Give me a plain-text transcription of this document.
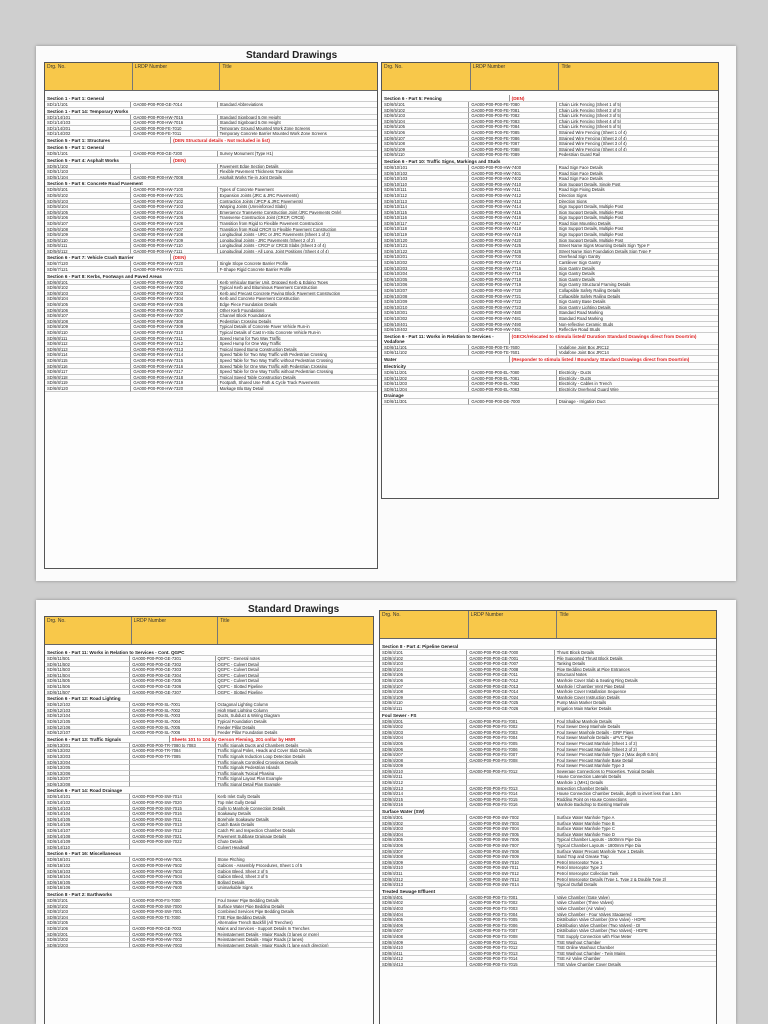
Standard Drawings
Drg. No.	LRDP Number	Title
Section 1 - Part 1: General
SD/1/1/101	GA000-P00-P00-GE-7014	Standard Abbreviations
Section 1 - Part 14: Temporary Works
SD/1/14/101	GA000-P00-P00-HW-7015	Standard Signboard 5.0m Height
SD/1/14/103	GA000-P00-P00-HW-7016	Standard Signboard 5.0m Height
SD/1/14/201	GA000-P00-P00-FE-7010	Temporary Ground Mounted Work Zone Screens
SD/1/14/202	GA000-P00-P00-FE-7011	Temporary Concrete Barrier Mounted Work Zone Screens
Section 5 - Part 1: Structures	(DEN Structural details - Not Included in list)
Section 5 - Part 1: General
SD/5/1/101	GA000-P00-P00-GE-7200	Survey Monument (Type H1)
Section 5 - Part 4: Asphalt Works	(DEN)
SD/5/1/102	Pavement Edge Section Details
SD/5/1/103	Flexible Pavement Thickness Transition
SD/5/1/104	GA000-P00-P00-HW-7008	Asphalt Works Tie-in Joint Details
Section 5 - Part 6: Concrete Road Pavement
SD/5/6/101	GA000-P00-P00-HW-7100	Types of Concrete Pavement
SD/5/6/102	GA000-P00-P00-HW-7101	Expansion Joints (JRC & JRC Pavements)
SD/5/6/103	GA000-P00-P00-HW-7102	Contraction Joints (JPCP & JRC Pavements)
SD/5/6/104	GA000-P00-P00-HW-7103	Warping Joints (Unreinforced Slabs)
SD/5/6/105	GA000-P00-P00-HW-7104	Emergency Transverse Construction Joint (JRC Pavements Only)
SD/5/6/106	GA000-P00-P00-HW-7105	Transverse Construction Joint (CRCP, CRCB)
SD/5/6/107	GA000-P00-P00-HW-7106	Transition from Rigid to Flexible Pavement Construction
SD/5/6/108	GA000-P00-P00-HW-7107	Transition from Rigid CRCR to Flexible Pavement Construction
SD/5/6/109	GA000-P00-P00-HW-7108	Longitudinal Joints - URC or JRC Pavements (Sheet 1 of 2)
SD/5/6/110	GA000-P00-P00-HW-7109	Longitudinal Joints - JRC Pavements (Sheet 2 of 2)
SD/5/6/111	GA000-P00-P00-HW-7110	Longitudinal Joints - CRCP or CRCB Slabs (Sheet 3 of 4)
SD/5/6/112	GA000-P00-P00-HW-7111	Longitudinal Joints - All Long. Joint Positions (Sheet 4 of 4)
Section 6 - Part 7: Vehicle Crash Barrier	(DEN)
SD/6/7/120	GA000-P00-P00-HW-7220	Single Slope Concrete Barrier Profile
SD/6/7/121	GA000-P00-P00-HW-7221	F-Shape Rigid Concrete Barrier Profile
Section 6 - Part 8: Kerbs, Footways and Paved Areas
SD/6/8/101	GA000-P00-P00-HW-7300	Kerb Vehicular Barrier Unit, Dropped Kerb & Edging Types
SD/6/8/102	GA000-P00-P00-HW-7302	Typical Kerb and Bituminous Pavement Construction
SD/6/8/103	GA000-P00-P00-HW-7303	Kerb and Precast Concrete Paving Block Pavement Construction
SD/6/8/104	GA000-P00-P00-HW-7304	Kerb and Concrete Pavement Construction
SD/6/8/105	GA000-P00-P00-HW-7305	Edge Piece Foundation Details
SD/6/8/106	GA000-P00-P00-HW-7306	Other Kerb Foundations
SD/6/8/107	GA000-P00-P00-HW-7307	Channel Block Foundations
SD/6/8/108	GA000-P00-P00-HW-7308	Pedestrian Crossing Details
SD/6/8/109	GA000-P00-P00-HW-7309	Typical Details of Concrete Paver Vehicle Run-in
SD/6/8/110	GA000-P00-P00-HW-7310	Typical Details of Cast In-Situ Concrete Vehicle Run-in
SD/6/8/111	GA000-P00-P00-HW-7311	Speed Hump for Two Way Traffic
SD/6/8/112	GA000-P00-P00-HW-7312	Speed Hump for One Way Traffic
SD/6/8/113	GA000-P00-P00-HW-7313	Typical Speed Bump Construction Details
SD/6/8/114	GA000-P00-P00-HW-7314	Speed Table for Two Way Traffic with Pedestrian Crossing
SD/6/8/115	GA000-P00-P00-HW-7315	Speed Table for Two Way Traffic without Pedestrian Crossing
SD/6/8/116	GA000-P00-P00-HW-7316	Speed Table for One Way Traffic with Pedestrian Crossing
SD/6/8/117	GA000-P00-P00-HW-7317	Speed Table for One Way Traffic without Pedestrian Crossing
SD/6/8/118	GA000-P00-P00-HW-7318	Typical Speed Table Construction Details
SD/6/8/119	GA000-P00-P00-HW-7319	Footpath, Shared Use Path & Cycle Track Pavements
SD/6/8/120	GA000-P00-P00-HW-7320	Markage Blu Bay Detail
Drg. No.	LRDP Number	Title
Section 6 - Part 5: Fencing	(DEN)
SD/6/5/101	GA000-P00-P00-FE-7080	Chain Link Fencing (Sheet 1 of 5)
SD/6/5/102	GA000-P00-P00-FE-7081	Chain Link Fencing (Sheet 2 of 5)
SD/6/5/103	GA000-P00-P00-FE-7082	Chain Link Fencing (Sheet 3 of 5)
SD/6/5/104	GA000-P00-P00-FE-7083	Chain Link Fencing (Sheet 4 of 5)
SD/6/5/105	GA000-P00-P00-FE-7084	Chain Link Fencing (Sheet 5 of 5)
SD/6/5/106	GA000-P00-P00-FE-7085	Strained Wire Fencing (Sheet 1 of 4)
SD/6/5/107	GA000-P00-P00-FE-7086	Strained Wire Fencing (Sheet 2 of 4)
SD/6/5/108	GA000-P00-P00-FE-7087	Strained Wire Fencing (Sheet 3 of 4)
SD/6/5/109	GA000-P00-P00-FE-7088	Strained Wire Fencing (Sheet 4 of 4)
SD/6/5/110	GA000-P00-P00-FE-7089	Pedestrian Guard Rail
Section 6 - Part 10: Traffic Signs, Markings and Studs
SD/6/10/101	GA000-P00-P00-HW-7400	Road Sign Face Details
SD/6/10/102	GA000-P00-P00-HW-7401	Road Sign Face Details
SD/6/10/103	GA000-P00-P00-HW-7402	Road Sign Face Details
SD/6/10/110	GA000-P00-P00-HW-7410	Sign Support Details, Single Post
SD/6/10/111	GA000-P00-P00-HW-7411	Road Sign Fixing Details
SD/6/10/112	GA000-P00-P00-HW-7412	Direction Signs
SD/6/10/113	GA000-P00-P00-HW-7413	Direction Signs
SD/6/10/114	GA000-P00-P00-HW-7414	Sign Support Details, Multiple Post
SD/6/10/115	GA000-P00-P00-HW-7415	Sign Support Details, Multiple Post
SD/6/10/116	GA000-P00-P00-HW-7416	Sign Support Details, Multiple Post
SD/6/10/117	GA000-P00-P00-HW-7417	Road Sign Mounting Details
SD/6/10/118	GA000-P00-P00-HW-7418	Sign Support Details, Multiple Post
SD/6/10/119	GA000-P00-P00-HW-7419	Sign Support Details, Multiple Post
SD/6/10/120	GA000-P00-P00-HW-7420	Sign Support Details, Multiple Post
SD/6/10/121	GA000-P00-P00-HW-7425	Street Name Signs Mounting Details Sign Type F
SD/6/10/122	GA000-P00-P00-HW-7426	Street Name Sign Foundation Details Sign Type F
SD/6/10/201	GA000-P00-P00-HW-7700	Overhead Sign Gantry
SD/6/10/202	GA000-P00-P00-HW-7714	Cantilever Sign Gantry
SD/6/10/203	GA000-P00-P00-HW-7715	Sign Gantry Details
SD/6/10/204	GA000-P00-P00-HW-7716	Sign Gantry Details
SD/6/10/205	GA000-P00-P00-HW-7718	Sign Gantry Details
SD/6/10/206	GA000-P00-P00-HW-7719	Sign Gantry Structural Framing Details
SD/6/10/207	GA000-P00-P00-HW-7720	Collapsible Safety Railing Details
SD/6/10/208	GA000-P00-P00-HW-7721	Collapsible Safety Railing Details
SD/6/10/209	GA000-P00-P00-HW-7722	Sign Gantry Base Details
SD/6/10/210	GA000-P00-P00-HW-7723	Sign Gantry Lighting Details
SD/6/10/301	GA000-P00-P00-HW-7480	Standard Road Marking
SD/6/10/302	GA000-P00-P00-HW-7481	Standard Road Marking
SD/6/10/401	GA000-P00-P00-HW-7490	Non-reflective Ceramic Studs
SD/6/10/402	GA000-P00-P00-HW-7491	Reflective Road Studs
Section 6 - Part 11: Works in Relation to Services - Vodafone
(GECK/relocated to stimula listed/ Duration Standard Drawings direct from Doortrim)
SD/6/11/101	GA000-P00-P00-TE-7600	Vodafone Joint Box JRC12
SD/6/11/102	GA000-P00-P00-TE-7601	Vodafone Joint Box JRC14
Water	(Responder to stimula listed / Boundary Standard Drawings direct from Doortrim)
Electricity
SD/6/11/201	GA000-P00-P00-EL-7080	Electricity - Ducts
SD/6/11/202	GA000-P00-P00-EL-7081	Electricity - Ducts
SD/6/11/203	GA000-P00-P00-EL-7082	Electricity - Cables in Trench
SD/6/11/204	GA000-P00-P00-EL-7083	Electricity Overhead Guard Wire
Drainage
SD/6/11/301	GA000-P00-P00-DE-7000	Drainage - Irrigation Duct
Standard Drawings
Drg. No.	LRDP Number	Title
Section 6 - Part 11: Works in Relation to Services - Cont. QGPC
SD/6/11/501	GA000-P00-P00-GE-7301	QGPC - General notes
SD/6/11/502	GA000-P00-P00-GE-7302	QGPC - Culvert Detail
SD/6/11/503	GA000-P00-P00-GE-7303	QGPC - Culvert Detail
SD/6/11/504	GA000-P00-P00-GE-7304	QGPC - Culvert Detail
SD/6/11/505	GA000-P00-P00-GE-7305	QGPC - Culvert Detail
SD/6/11/506	GA000-P00-P00-GE-7306	QGPC - Slotted Pipeline
SD/6/11/507	GA000-P00-P00-GE-7307	QGPC - Slotted Pipeline
Section 6 - Part 12: Road Lighting
SD/6/12/102	GA000-P00-P00-SL-7001	Octagonal Lighting Column
SD/6/12/103	GA000-P00-P00-SL-7002	High Mast Lighting Column
SD/6/12/104	GA000-P00-P00-SL-7003	Ducts, Subduct & Wiring Diagram
SD/6/12/105	GA000-P00-P00-SL-7004	Typical Foundation Details
SD/6/12/106	GA000-P00-P00-SL-7005	Feeder Pillar Details
SD/6/12/107	GA000-P00-P00-SL-7006	Feeder Pillar Foundation Details
Section 6 - Part 13: Traffic Signals	Sheets 101 to 104 by Gerson Fleming, 201 onllar by HMR
SD/6/13/201	GA000-P00-P00-TR-7080 to 7083	Traffic Signals Ducts and Chambers Details
SD/6/13/202	GA000-P00-P00-TR-7084	Traffic Signal Poles, Heads and Cover Slab Details
SD/6/13/203	GA000-P00-P00-TR-7085	Traffic Signals Induction Loop Detection Details
SD/6/13/204	Traffic Signals Controlled Crossings Details
SD/6/13/205	Traffic Signals Pedestrian Islands
SD/6/13/206	Traffic Signals Typical Phasing
SD/6/13/207	Traffic Signal Layout Plan Example
SD/6/13/208	Traffic Signal Detail Plan Example
Section 6 - Part 14: Road Drainage
SD/6/14/101	GA000-P00-P00-SW-7014	Kerb Inlet Gully Details
SD/6/14/102	GA000-P00-P00-SW-7020	Top Inlet Gully Detail
SD/6/14/103	GA000-P00-P00-SW-7015	Gully to Manhole Connection Details
SD/6/14/104	GA000-P00-P00-SW-7016	Soakaway Details
SD/6/14/105	GA000-P00-P00-SW-7011	Borehole Soakaway Details
SD/6/14/106	GA000-P00-P00-SW-7013	Catch Basin Details
SD/6/14/107	GA000-P00-P00-SW-7012	Catch Pit and Inspection Chamber Details
SD/6/14/108	GA000-P00-P00-SW-7021	Pavement Subbase Drainage Details
SD/6/14/109	GA000-P00-P00-SW-7022	Chute Details
SD/6/14/110	Culvert Headwall
Section 6 - Part 16: Miscellaneous
SD/6/16/101	GA000-P00-P00-HW-7501	Stone Pitching
SD/6/16/102	GA000-P00-P00-HW-7502	Gabions - Assembly Procedures, Sheet 1 of 5
SD/6/16/103	GA000-P00-P00-HW-7503	Gabion Bleed, Sheet 2 of 5
SD/6/16/104	GA000-P00-P00-HW-7504	Gabion Bleed, Sheet 3 of 5
SD/6/16/105	GA000-P00-P00-HW-7505	Bollard Details
SD/6/16/106	GA000-P00-P00-HW-7600	Unimarkable Signs
Section 8 - Part 2: Earthworks
SD/8/2/101	GA000-P00-P00-FS-7000	Foul Sewer Pipe Bedding Details
SD/8/2/102	GA000-P00-P00-SW-7000	Surface Water Pipe Bedding Details
SD/8/2/103	GA000-P00-P00-SW-7001	Combined Services Pipe Bedding Details
SD/8/2/104	GA000-P00-P00-TE-7000	TSE Pipe Bedding Details
SD/8/2/105	Alternative Trench Backfill (All Trenches)
SD/8/2/106	GA000-P00-P00-GE-7003	Mains and Services - Support Details In Trenches
SD/8/2/201	GA000-P00-P00-HW-7001	Reinstatement Details - Major Roads (3 lanes or more)
SD/8/2/202	GA000-P00-P00-HW-7002	Reinstatement Details - Major Roads (2 lanes)
SD/8/2/203	GA000-P00-P00-HW-7003	Reinstatement Details - Major Roads (1 lane each direction)
Drg. No.	LRDP Number	Title
Section 8 - Part 4: Pipeline General
SD/8/4/101	GA000-P00-P00-GE-7000	Thrust Block Details
SD/8/4/102	GA000-P00-P00-GE-7001	Pile Supported Thrust Block Details
SD/8/4/103	GA000-P00-P00-GE-7007	Tanking Details
SD/8/4/104	GA000-P00-P00-GE-7008	Pipe Bedding Details at Pipe Entrances
SD/8/4/105	GA000-P00-P00-GE-7011	Structural Notes
SD/8/4/106	GA000-P00-P00-GE-7012	Manhole Cover Slab & Seating Ring Details
SD/8/4/107	GA000-P00-P00-GE-7013	Manhole / Chamber Vent Pipe Detail
SD/8/4/108	GA000-P00-P00-GE-7014	Manhole Cover Installation Sequence
SD/8/4/109	GA000-P00-P00-GE-7024	Manhole Cover Instruction Details
SD/8/4/110	GA000-P00-P00-GE-7025	Pump Main Marker Details
SD/8/4/111	GA000-P00-P00-GE-7026	Irrigation Main Marker Details
Foul Sewer - FS
SD/8/4/201	GA000-P00-P00-FS-7001	Foul Shallow Manhole Details
SD/8/4/202	GA000-P00-P00-FS-7002	Foul Sewer Deep Manhole Details
SD/8/4/203	GA000-P00-P00-FS-7003	Foul Sewer Manhole Details - GRP Pipes
SD/8/4/204	GA000-P00-P00-FS-7004	Foul Sewer Manhole Details - uPVC Pipe
SD/8/4/205	GA000-P00-P00-FS-7005	Foul Sewer Precast Manhole (Sheet 1 of 2)
SD/8/4/206	GA000-P00-P00-FS-7006	Foul Sewer Precast Manhole (Sheet 2 of 2)
SD/8/4/207	GA000-P00-P00-FS-7007	Foul Sewer Precast Manhole Type 2 (Max depth 6.0m)
SD/8/4/208	GA000-P00-P00-FS-7008	Foul Sewer Precast Manhole Base Detail
SD/8/4/209	Foul Sewer Precast Manhole Type 3
SD/8/4/210	GA000-P00-P00-FS-7012	Sewerage Connections to Properties, Typical Details
SD/8/4/211	House Connection Laterals Details
SD/8/4/212	Manhole 1 (MH1) Details
SD/8/4/213	GA000-P00-P00-FS-7013	Inspection Chamber Details
SD/8/4/214	GA000-P00-P00-FS-7014	House Connection Chamber Details, depth to invert less than 1.5m
SD/8/4/215	GA000-P00-P00-FS-7015	Rodding Point on House Connections
SD/8/4/216	GA000-P00-P00-FS-7016	Manhole Backdrop to Existing Manhole
Surface Water (SW)
SD/8/4/301	GA000-P00-P00-SW-7002	Surface Water Manhole Type A
SD/8/4/302	GA000-P00-P00-SW-7003	Surface Water Manhole Type B
SD/8/4/303	GA000-P00-P00-SW-7004	Surface Water Manhole Type C
SD/8/4/304	GA000-P00-P00-SW-7005	Surface Water Manhole Type D
SD/8/4/305	GA000-P00-P00-SW-7006	Typical Chamber Layouts - 1500mm Pipe Dia
SD/8/4/306	GA000-P00-P00-SW-7007	Typical Chamber Layouts - 1800mm Pipe Dia
SD/8/4/307	GA000-P00-P00-SW-7008	Surface Water Precast Manhole Type 1 Details
SD/8/4/308	GA000-P00-P00-SW-7009	Sand Trap and Grease Trap
SD/8/4/309	GA000-P00-P00-SW-7010	Petrol Interceptor Type 1
SD/8/4/310	GA000-P00-P00-SW-7011	Petrol Interceptor Type 2
SD/8/4/311	GA000-P00-P00-SW-7012	Petrol Interceptor Collection Tank
SD/8/4/312	GA000-P00-P00-SW-7013	Petrol Interceptor Details (Type 1, Type 2 & Double Type 2)
SD/8/4/313	GA000-P00-P00-SW-7014	Typical Outfall Details
Treated Sewage Effluent
SD/8/4/401	GA000-P00-P00-TS-7001	Valve Chamber (Gate Valve)
SD/8/4/402	GA000-P00-P00-TS-7002	Valve Chamber (Three Valves)
SD/8/4/403	GA000-P00-P00-TS-7003	Valve Chamber (Air Valve)
SD/8/4/404	GA000-P00-P00-TS-7004	Valve Chamber - Four Valves Staggered
SD/8/4/405	GA000-P00-P00-TS-7005	Distribution Valve Chamber (One Valve) - HDPE
SD/8/4/406	GA000-P00-P00-TS-7006	Distribution Valve Chamber (Two Valves) - DI
SD/8/4/407	GA000-P00-P00-TS-7007	Distribution Valve Chamber (Two Valves) - HDPE
SD/8/4/408	GA000-P00-P00-TS-7008	TSE Supply Connection with Flow Meter
SD/8/4/409	GA000-P00-P00-TS-7011	TSE Washout Chamber
SD/8/4/410	GA000-P00-P00-TS-7012	TSE Online Washout Chamber
SD/8/4/411	GA000-P00-P00-TS-7013	TSE Washout Chamber - Twin Mains
SD/8/4/412	GA000-P00-P00-TS-7014	TSE Air Valve Chamber
SD/8/4/413	GA000-P00-P00-TS-7015	TSE Valve Chamber Cover Details
